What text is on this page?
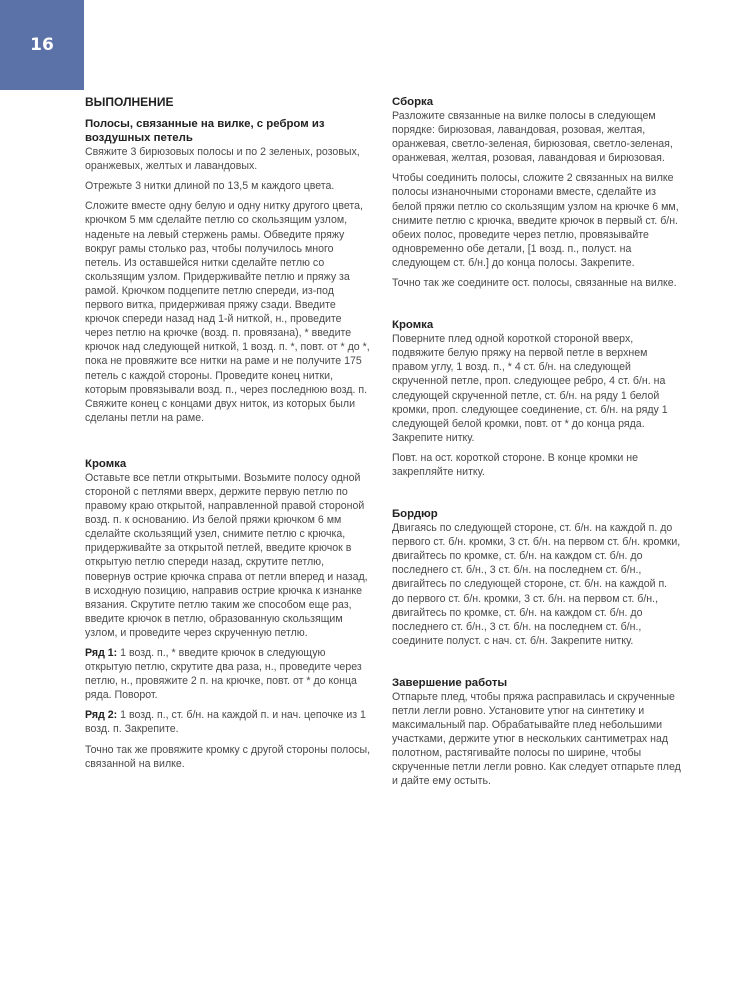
16
ВЫПОЛНЕНИЕ
Полосы, связанные на вилке, с ребром из воздушных петель

Свяжите 3 бирюзовых полосы и по 2 зеленых, розовых, оранжевых, желтых и лавандовых.

Отрежьте 3 нитки длиной по 13,5 м каждого цвета.

Сложите вместе одну белую и одну нитку другого цвета, крючком 5 мм сделайте петлю со скользящим узлом, наденьте на левый стержень рамы. Обведите пряжу вокруг рамы столько раз, чтобы получилось много петель. Из оставшейся нитки сделайте петлю со скользящим узлом. Придерживайте петлю и пряжу за рамой. Крючком подцепите петлю спереди, из-под первого витка, придерживая пряжу сзади. Введите крючок спереди назад над 1-й ниткой, н., проведите через петлю на крючке (возд. п. провязана), * введите крючок над следующей ниткой, 1 возд. п. *, повт. от * до *, пока не провяжите все нитки на раме и не получите 175 петель с каждой стороны. Проведите конец нитки, которым провязывали возд. п., через последнюю возд. п. Свяжите конец с концами двух ниток, из которых были сделаны петли на раме.

Кромка

Оставьте все петли открытыми. Возьмите полосу одной стороной с петлями вверх, держите первую петлю по правому краю открытой, направленной правой стороной возд. п. к основанию. Из белой пряжи крючком 6 мм сделайте скользящий узел, снимите петлю с крючка, придерживайте за открытой петлей, введите крючок в открытую петлю спереди назад, скрутите петлю, повернув острие крючка справа от петли вперед и назад, в исходную позицию, направив острие крючка к изнанке вязания. Скрутите петлю таким же способом еще раз, введите крючок в петлю, образованную скользящим узлом, и проведите через скрученную петлю.

Ряд 1: 1 возд. п., * введите крючок в следующую открытую петлю, скрутите два раза, н., проведите через петлю, н., провяжите 2 п. на крючке, повт. от * до конца ряда. Поворот.

Ряд 2: 1 возд. п., ст. б/н. на каждой п. и нач. цепочке из 1 возд. п. Закрепите.

Точно так же провяжите кромку с другой стороны полосы, связанной на вилке.

Сборка

Разложите связанные на вилке полосы в следующем порядке: бирюзовая, лавандовая, розовая, желтая, оранжевая, светло-зеленая, бирюзовая, светло-зеленая, оранжевая, желтая, розовая, лавандовая и бирюзовая.

Чтобы соединить полосы, сложите 2 связанных на вилке полосы изнаночными сторонами вместе, сделайте из белой пряжи петлю со скользящим узлом на крючке 6 мм, снимите петлю с крючка, введите крючок в первый ст. б/н. обеих полос, проведите через петлю, провязывайте одновременно обе детали, [1 возд. п., полуст. на следующем ст. б/н.] до конца полосы. Закрепите.

Точно так же соедините ост. полосы, связанные на вилке.

Кромка

Поверните плед одной короткой стороной вверх, подвяжите белую пряжу на первой петле в верхнем правом углу, 1 возд. п., * 4 ст. б/н. на следующей скрученной петле, проп. следующее ребро, 4 ст. б/н. на следующей скрученной петле, ст. б/н. на ряду 1 белой кромки, проп. следующее соединение, ст. б/н. на ряду 1 следующей белой кромки, повт. от * до конца ряда. Закрепите нитку.

Повт. на ост. короткой стороне. В конце кромки не закрепляйте нитку.

Бордюр

Двигаясь по следующей стороне, ст. б/н. на каждой п. до первого ст. б/н. кромки, 3 ст. б/н. на первом ст. б/н. кромки, двигайтесь по кромке, ст. б/н. на каждом ст. б/н. до последнего ст. б/н., 3 ст. б/н. на последнем ст. б/н., двигайтесь по следующей стороне, ст. б/н. на каждой п. до первого ст. б/н. кромки, 3 ст. б/н. на первом ст. б/н., двигайтесь по кромке, ст. б/н. на каждом ст. б/н. до последнего ст. б/н., 3 ст. б/н. на последнем ст. б/н., соедините полуст. с нач. ст. б/н. Закрепите нитку.

Завершение работы

Отпарьте плед, чтобы пряжа расправилась и скрученные петли легли ровно. Установите утюг на синтетику и максимальный пар. Обрабатывайте плед небольшими участками, держите утюг в нескольких сантиметрах над полотном, растягивайте полосы по ширине, чтобы скрученные петли легли ровно. Как следует отпарьте плед и дайте ему остыть.
